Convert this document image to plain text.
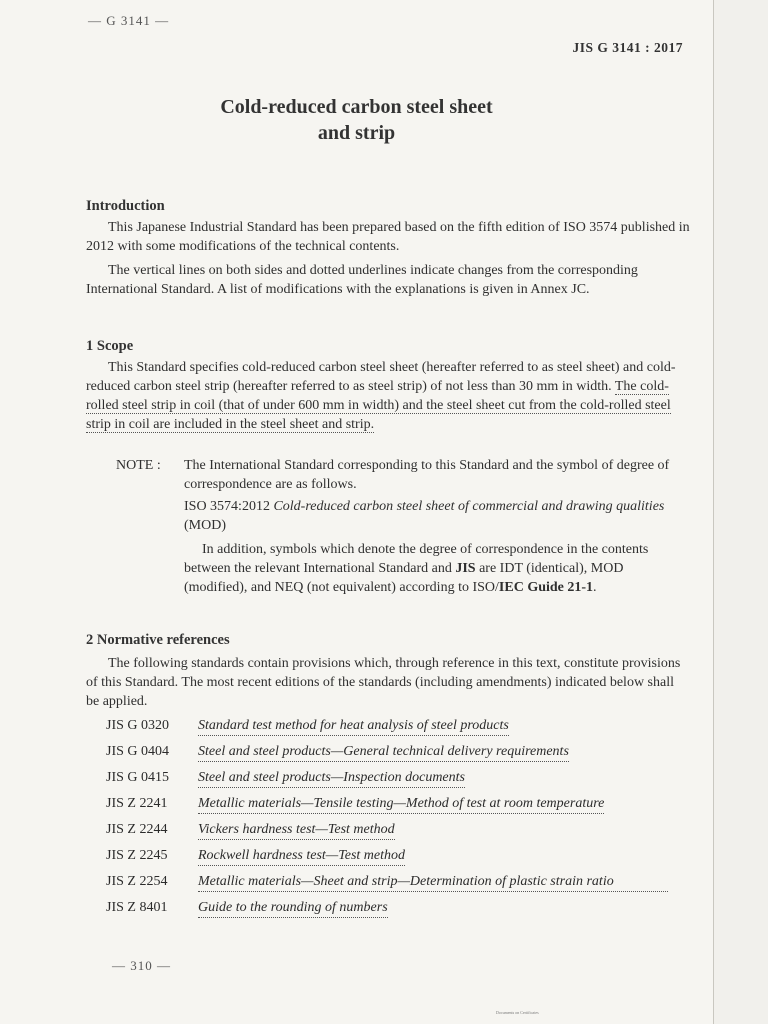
— G 3141 —
JIS G 3141 : 2017
Cold-reduced carbon steel sheet
and strip
Introduction
This Japanese Industrial Standard has been prepared based on the fifth edition of ISO 3574 published in 2012 with some modifications of the technical contents.
The vertical lines on both sides and dotted underlines indicate changes from the corresponding International Standard. A list of modifications with the explanations is given in Annex JC.
1 Scope
This Standard specifies cold-reduced carbon steel sheet (hereafter referred to as steel sheet) and cold-reduced carbon steel strip (hereafter referred to as steel strip) of not less than 30 mm in width. The cold-rolled steel strip in coil (that of under 600 mm in width) and the steel sheet cut from the cold-rolled steel strip in coil are included in the steel sheet and strip.
NOTE : The International Standard corresponding to this Standard and the symbol of degree of correspondence are as follows.
ISO 3574:2012 Cold-reduced carbon steel sheet of commercial and drawing qualities (MOD)
In addition, symbols which denote the degree of correspondence in the contents between the relevant International Standard and JIS are IDT (identical), MOD (modified), and NEQ (not equivalent) according to ISO/IEC Guide 21-1.
2 Normative references
The following standards contain provisions which, through reference in this text, constitute provisions of this Standard. The most recent editions of the standards (including amendments) indicated below shall be applied.
JIS G 0320	Standard test method for heat analysis of steel products
JIS G 0404	Steel and steel products—General technical delivery requirements
JIS G 0415	Steel and steel products—Inspection documents
JIS Z 2241	Metallic materials—Tensile testing—Method of test at room temperature
JIS Z 2244	Vickers hardness test—Test method
JIS Z 2245	Rockwell hardness test—Test method
JIS Z 2254	Metallic materials—Sheet and strip—Determination of plastic strain ratio
JIS Z 8401	Guide to the rounding of numbers
— 310 —
Documents on Certificates
